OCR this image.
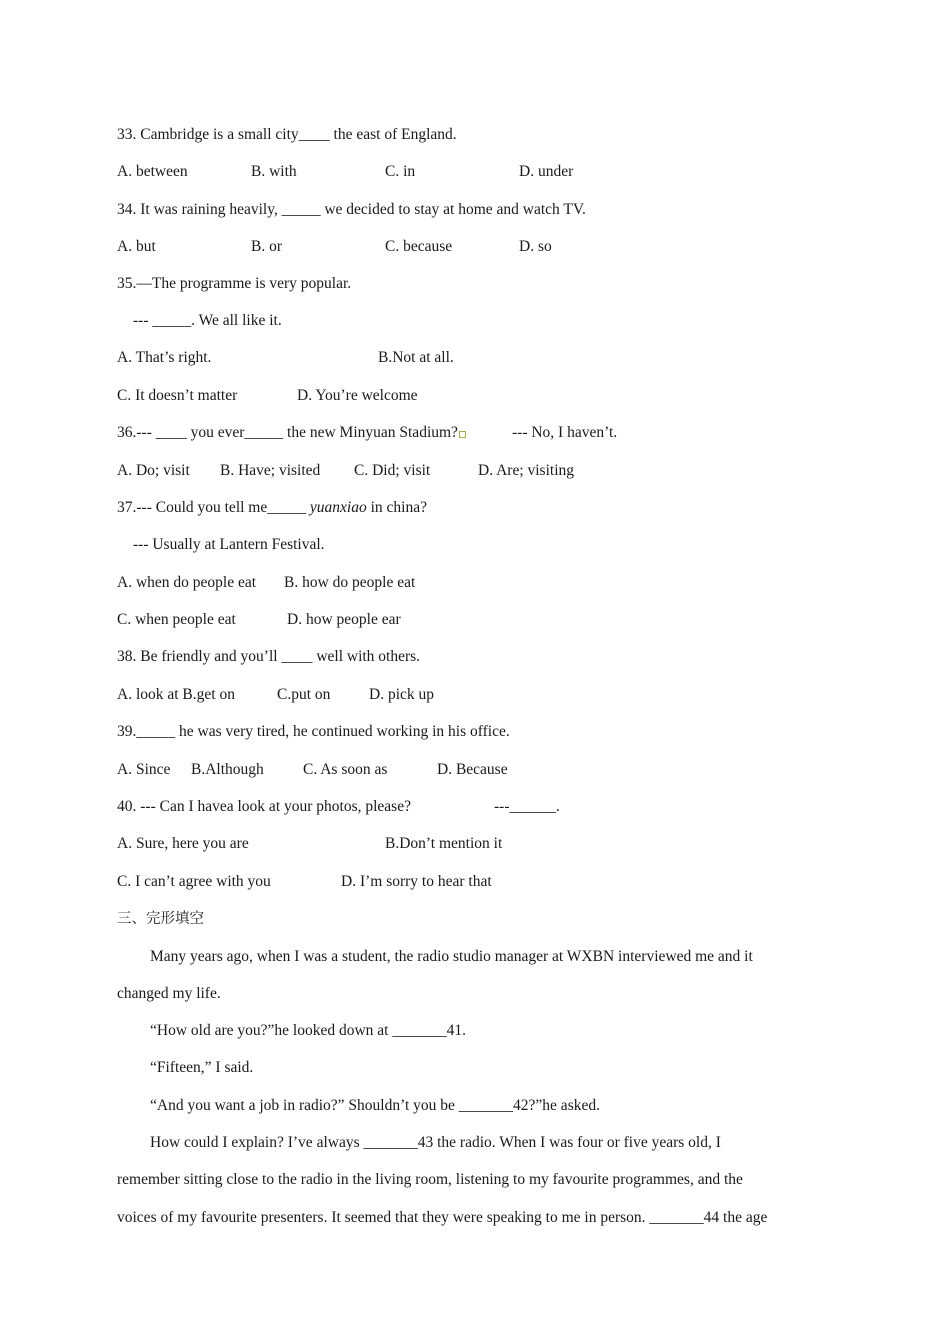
33. Cambridge is a small city____ the east of England.
A. between	B. with	C. in	D. under
34. It was raining heavily, _____ we decided to stay at home and watch TV.
A. but	B. or	C. because	D. so
35.—The programme is very popular.
--- _____. We all like it.
A. That’s right.	B.Not at all.
C. It doesn’t matter	D. You’re welcome
36.--- ____ you ever_____ the new Minyuan Stadium?	--- No, I haven’t.
A. Do; visit B. Have; visited C. Did; visit	D. Are; visiting
37.--- Could you tell me_____ yuanxiao in china?
--- Usually at Lantern Festival.
A. when do people eat B. how do people eat
C. when people eat	D. how people ear
38. Be friendly and you’ll ____ well with others.
A. look at B.get on	C.put on D. pick up
39._____ he was very tired, he continued working in his office.
A. Since B.Although	C. As soon as	D. Because
40. --- Can I havea look at your photos, please?	---______.
A. Sure, here you are	B.Don’t mention it
C. I can’t agree with you	D. I’m sorry to hear that
三、完形填空
Many years ago, when I was a student, the radio studio manager at WXBN interviewed me and it
changed my life.
“How old are you?”he looked down at _______41.
“Fifteen,” I said.
“And you want a job in radio?” Shouldn’t you be _______42?”he asked.
How could I explain? I’ve always _______43 the radio. When I was four or five years old, I
remember sitting close to the radio in the living room, listening to my favourite programmes, and the
voices of my favourite presenters. It seemed that they were speaking to me in person. _______44 the age
